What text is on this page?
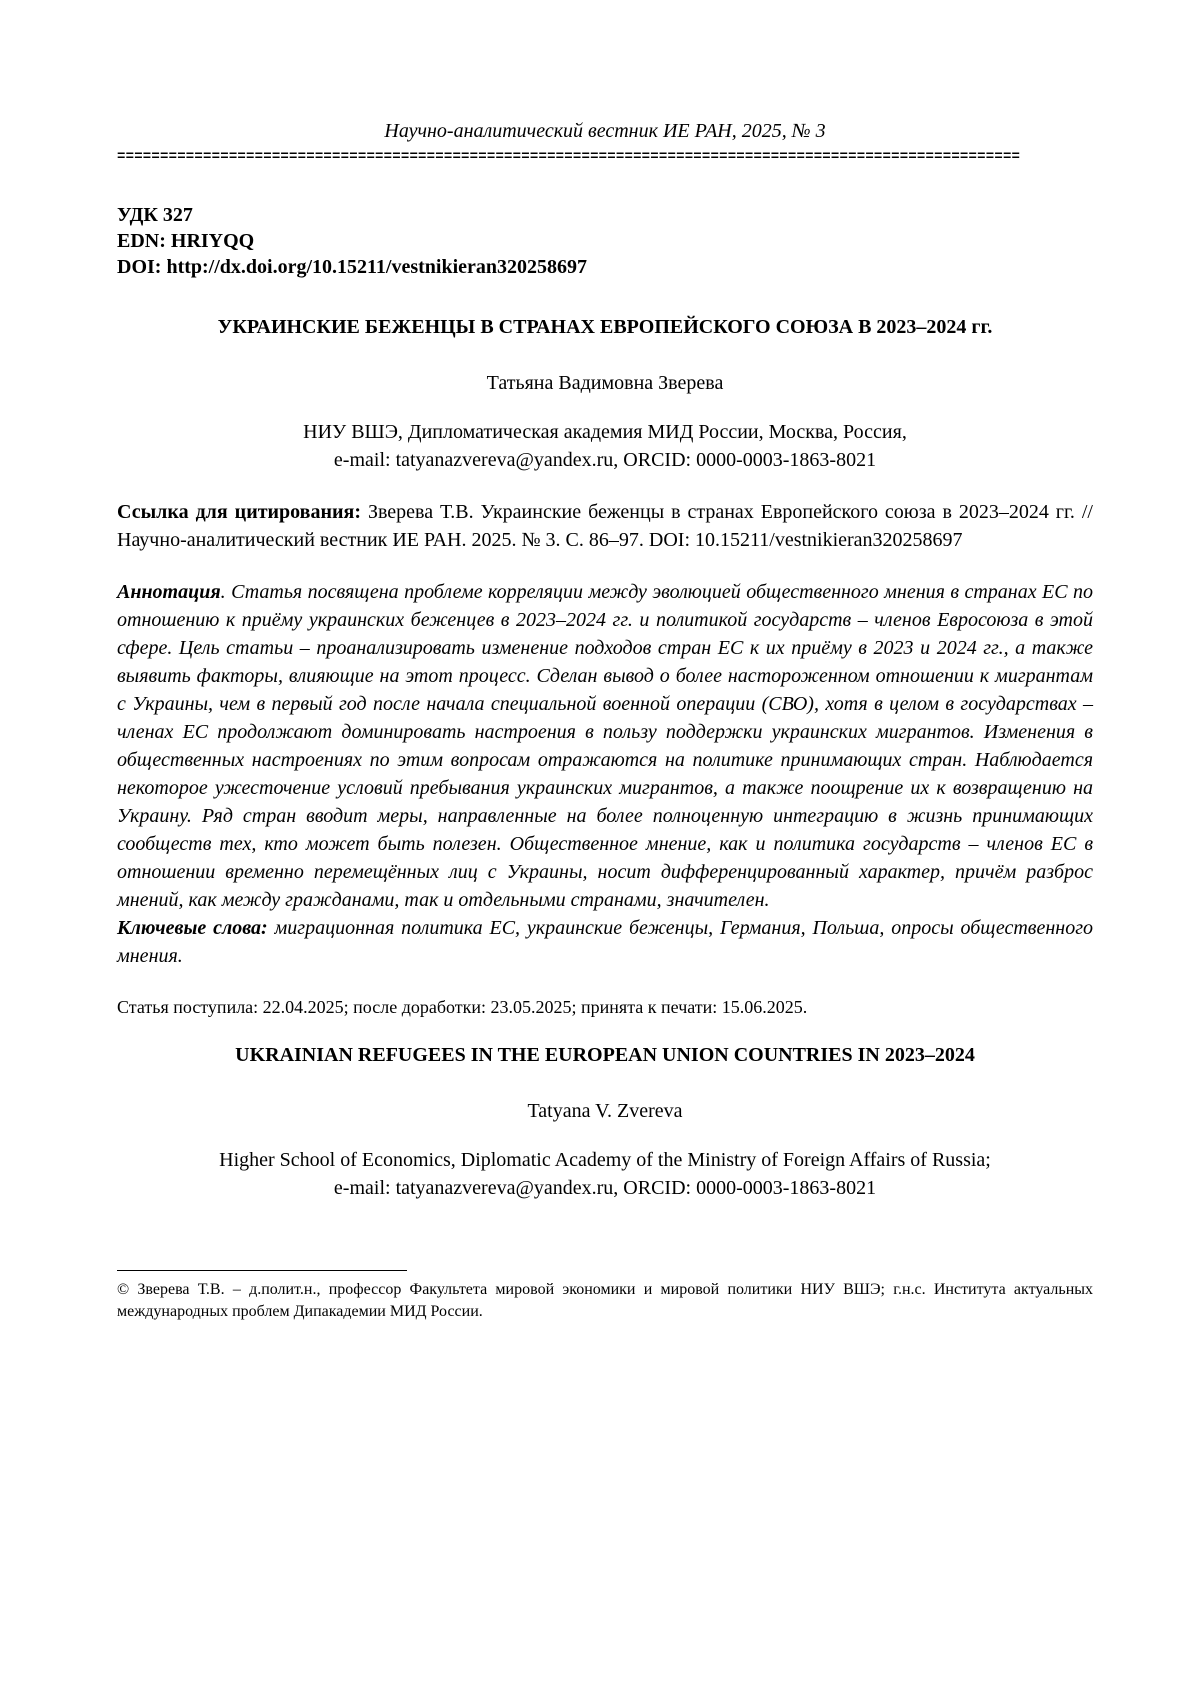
Научно-аналитический вестник ИЕ РАН, 2025, № 3

=========================================================================================================
УДК 327
EDN: HRIYQQ
DOI: http://dx.doi.org/10.15211/vestnikieran320258697
УКРАИНСКИЕ БЕЖЕНЦЫ В СТРАНАХ ЕВРОПЕЙСКОГО СОЮЗА В 2023–2024 гг.
Татьяна Вадимовна Зверева
НИУ ВШЭ, Дипломатическая академия МИД России, Москва, Россия,
e-mail: tatyanazvereva@yandex.ru, ORCID: 0000-0003-1863-8021
Ссылка для цитирования: Зверева Т.В. Украинские беженцы в странах Европейского союза в 2023–2024 гг. // Научно-аналитический вестник ИЕ РАН. 2025. № 3. С. 86–97. DOI: 10.15211/vestnikieran320258697
Аннотация. Статья посвящена проблеме корреляции между эволюцией общественного мнения в странах ЕС по отношению к приёму украинских беженцев в 2023–2024 гг. и политикой государств – членов Евросоюза в этой сфере. Цель статьи – проанализировать изменение подходов стран ЕС к их приёму в 2023 и 2024 гг., а также выявить факторы, влияющие на этот процесс. Сделан вывод о более настороженном отношении к мигрантам с Украины, чем в первый год после начала специальной военной операции (СВО), хотя в целом в государствах – членах ЕС продолжают доминировать настроения в пользу поддержки украинских мигрантов. Изменения в общественных настроениях по этим вопросам отражаются на политике принимающих стран. Наблюдается некоторое ужесточение условий пребывания украинских мигрантов, а также поощрение их к возвращению на Украину. Ряд стран вводит меры, направленные на более полноценную интеграцию в жизнь принимающих сообществ тех, кто может быть полезен. Общественное мнение, как и политика государств – членов ЕС в отношении временно перемещённых лиц с Украины, носит дифференцированный характер, причём разброс мнений, как между гражданами, так и отдельными странами, значителен.
Ключевые слова: миграционная политика ЕС, украинские беженцы, Германия, Польша, опросы общественного мнения.
Статья поступила: 22.04.2025; после доработки: 23.05.2025; принята к печати: 15.06.2025.
UKRAINIAN REFUGEES IN THE EUROPEAN UNION COUNTRIES IN 2023–2024
Tatyana V. Zvereva
Higher School of Economics, Diplomatic Academy of the Ministry of Foreign Affairs of Russia;
e-mail: tatyanazvereva@yandex.ru, ORCID: 0000-0003-1863-8021
© Зверева Т.В. – д.полит.н., профессор Факультета мировой экономики и мировой политики НИУ ВШЭ; г.н.с. Института актуальных международных проблем Дипакадемии МИД России.
